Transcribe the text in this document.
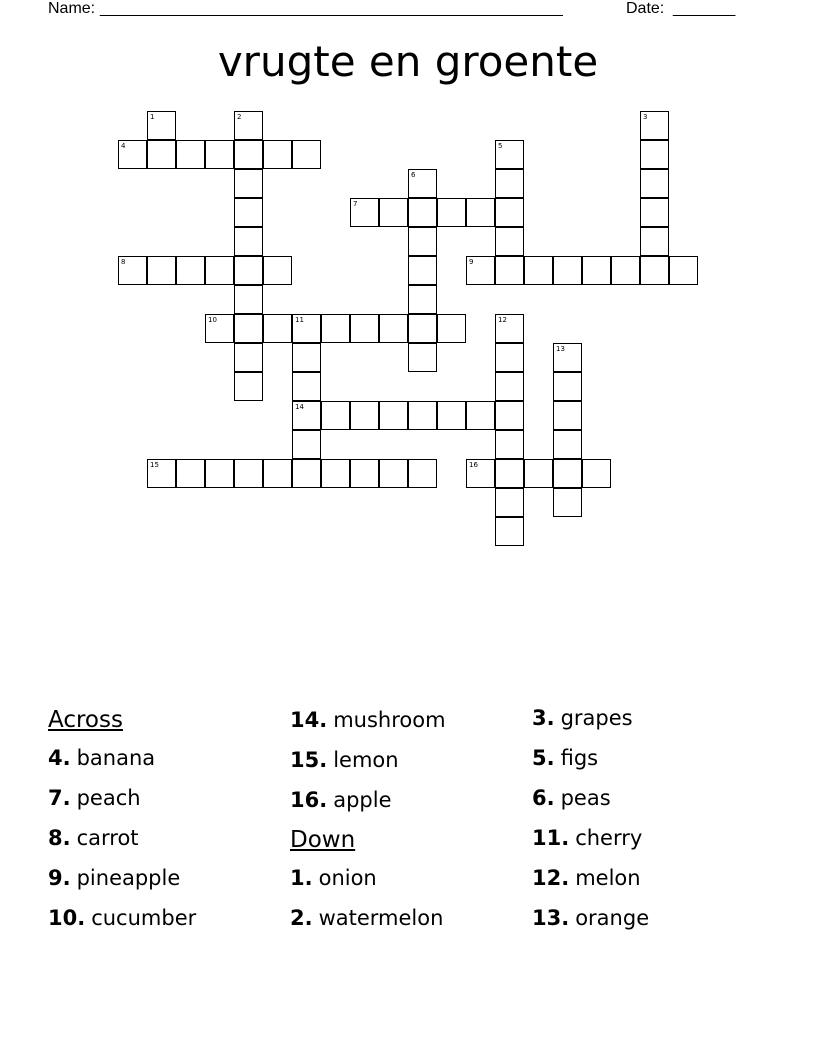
Name: ____________________________________________________	Date: _______
vrugte en groente
4
7
8	9
10	11
14
15	16
1	2	3
5
6
12
13
Across
4. banana
7. peach
8. carrot
9. pineapple
10. cucumber
14. mushroom
15. lemon
16. apple
Down
1. onion
2. watermelon
3. grapes
5. figs
6. peas
11. cherry
12. melon
13. orange
